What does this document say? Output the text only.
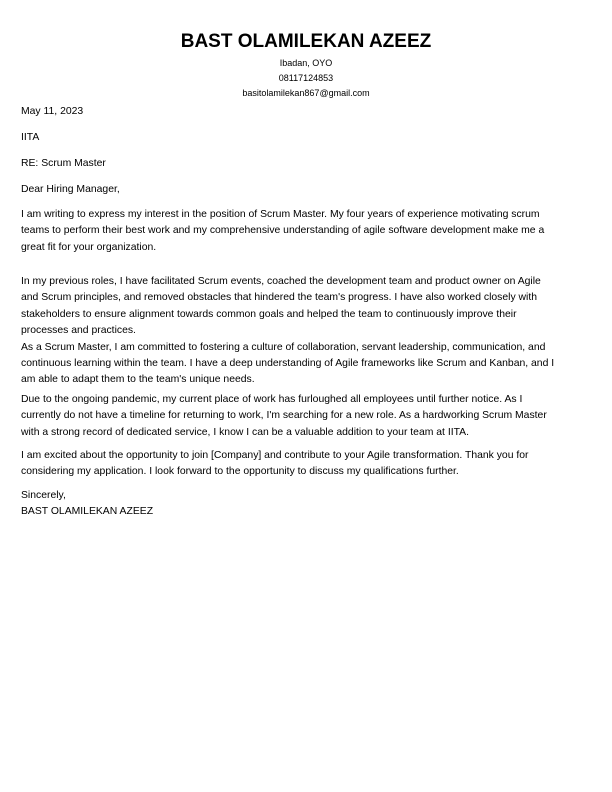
BAST OLAMILEKAN AZEEZ
Ibadan, OYO
08117124853
basitolamilekan867@gmail.com
May 11, 2023
IITA
RE: Scrum Master
Dear Hiring Manager,
I am writing to express my interest in the position of Scrum Master. My four years of experience motivating scrum
teams to perform their best work and my comprehensive understanding of agile software development make me a
great fit for your organization.
In my previous roles, I have facilitated Scrum events, coached the development team and product owner on Agile
and Scrum principles, and removed obstacles that hindered the team's progress. I have also worked closely with
stakeholders to ensure alignment towards common goals and helped the team to continuously improve their
processes and practices.
As a Scrum Master, I am committed to fostering a culture of collaboration, servant leadership, communication, and
continuous learning within the team. I have a deep understanding of Agile frameworks like Scrum and Kanban, and I
am able to adapt them to the team's unique needs.
Due to the ongoing pandemic, my current place of work has furloughed all employees until further notice. As I
currently do not have a timeline for returning to work, I'm searching for a new role. As a hardworking Scrum Master
with a strong record of dedicated service, I know I can be a valuable addition to your team at IITA.
I am excited about the opportunity to join [Company] and contribute to your Agile transformation. Thank you for
considering my application. I look forward to the opportunity to discuss my qualifications further.
Sincerely,
BAST OLAMILEKAN AZEEZ
